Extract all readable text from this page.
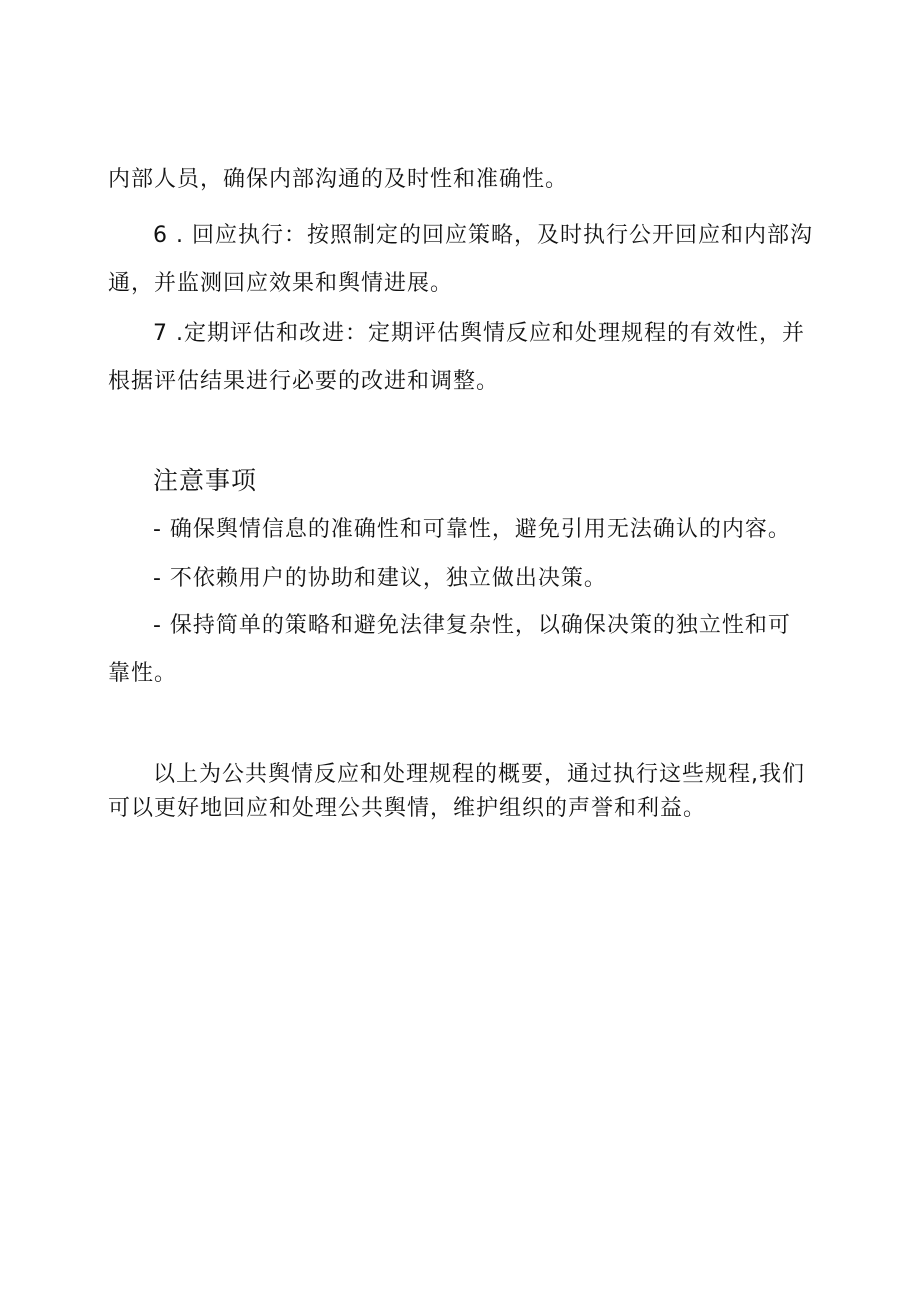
内部人员，确保内部沟通的及时性和准确性。
6 . 回应执行：按照制定的回应策略，及时执行公开回应和内部沟
通，并监测回应效果和舆情进展。
7 .定期评估和改进：定期评估舆情反应和处理规程的有效性，并
根据评估结果进行必要的改进和调整。
注意事项
- 确保舆情信息的准确性和可靠性，避免引用无法确认的内容。
- 不依赖用户的协助和建议，独立做出决策。
- 保持简单的策略和避免法律复杂性，以确保决策的独立性和可
靠性。
以上为公共舆情反应和处理规程的概要，通过执行这些规程,我们
可以更好地回应和处理公共舆情，维护组织的声誉和利益。
